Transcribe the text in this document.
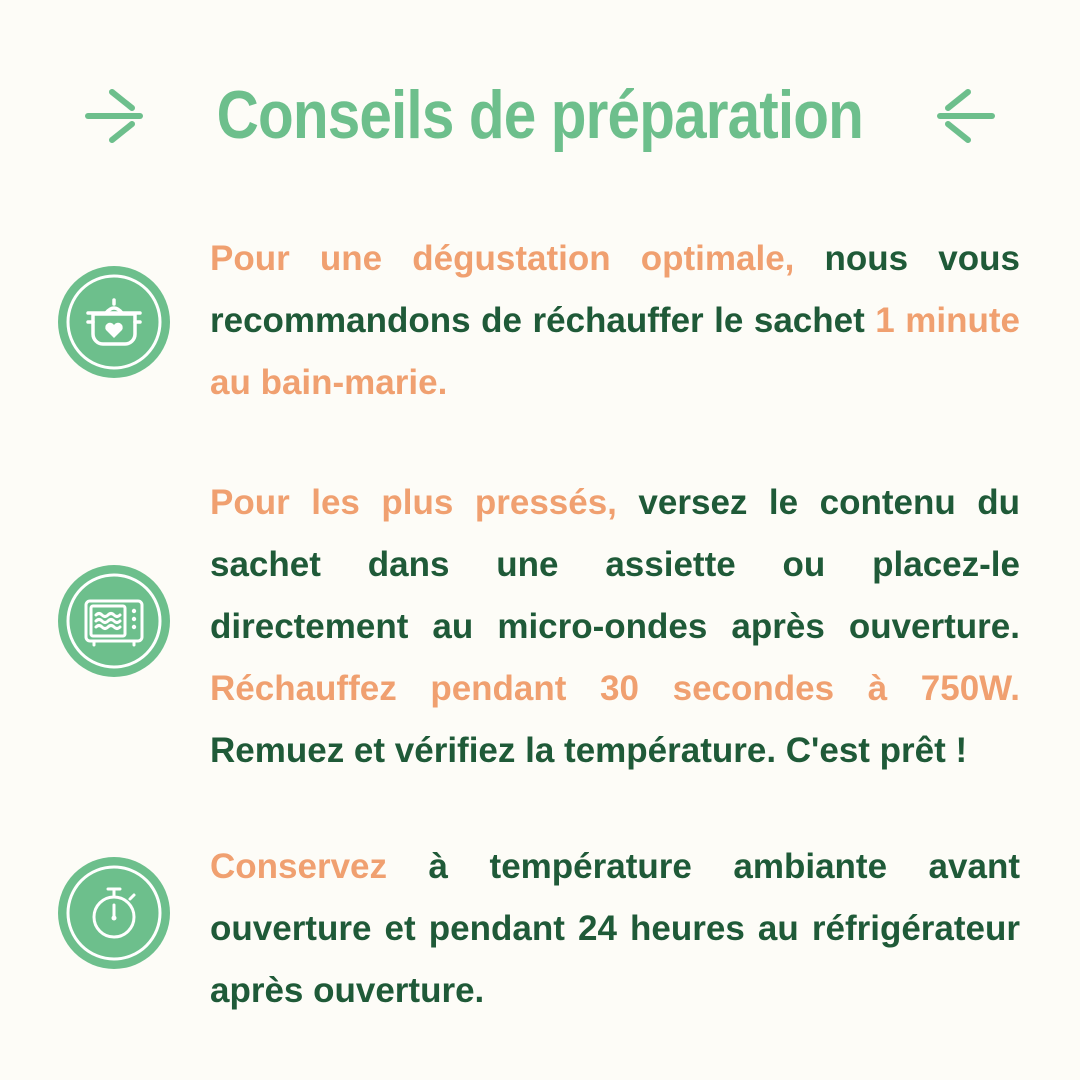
Conseils de préparation
Pour une dégustation optimale, nous vous recommandons de réchauffer le sachet 1 minute au bain-marie.
Pour les plus pressés, versez le contenu du sachet dans une assiette ou placez-le directement au micro-ondes après ouverture. Réchauffez pendant 30 secondes à 750W. Remuez et vérifiez la température. C'est prêt !
Conservez à température ambiante avant ouverture et pendant 24 heures au réfrigérateur après ouverture.
